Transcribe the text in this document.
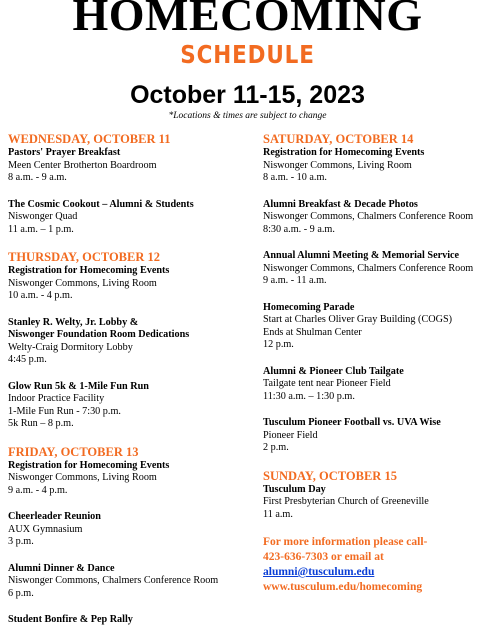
HOMECOMING
SCHEDULE
October 11-15, 2023
*Locations & times are subject to change

WEDNESDAY, OCTOBER 11

Pastors' Prayer Breakfast

Meen Center Brotherton Boardroom

8 a.m. - 9 a.m.

The Cosmic Cookout – Alumni & Students

Niswonger Quad

11 a.m. – 1 p.m.

THURSDAY, OCTOBER 12

Registration for Homecoming Events

Niswonger Commons, Living Room

10 a.m. - 4 p.m.

Stanley R. Welty, Jr. Lobby &

Niswonger Foundation Room Dedications

Welty-Craig Dormitory Lobby

4:45 p.m.

Glow Run 5k & 1-Mile Fun Run

Indoor Practice Facility

1-Mile Fun Run - 7:30 p.m.

5k Run – 8 p.m.

FRIDAY, OCTOBER 13

Registration for Homecoming Events

Niswonger Commons, Living Room

9 a.m. - 4 p.m.

Cheerleader Reunion

AUX Gymnasium

3 p.m.

Alumni Dinner & Dance

Niswonger Commons, Chalmers Conference Room

6 p.m.

Student Bonfire & Pep Rally

SATURDAY, OCTOBER 14

Registration for Homecoming Events

Niswonger Commons, Living Room

8 a.m. - 10 a.m.

Alumni Breakfast & Decade Photos

Niswonger Commons, Chalmers Conference Room

8:30 a.m. - 9 a.m.

Annual Alumni Meeting & Memorial Service

Niswonger Commons, Chalmers Conference Room

9 a.m. - 11 a.m.

Homecoming Parade

Start at Charles Oliver Gray Building (COGS)

Ends at Shulman Center

12 p.m.

Alumni & Pioneer Club Tailgate

Tailgate tent near Pioneer Field

11:30 a.m. – 1:30 p.m.

Tusculum Pioneer Football vs. UVA Wise

Pioneer Field

2 p.m.

SUNDAY, OCTOBER 15

Tusculum Day

First Presbyterian Church of Greeneville

11 a.m.

For more information please call-

423-636-7303 or email at

alumni@tusculum.edu

www.tusculum.edu/homecoming
